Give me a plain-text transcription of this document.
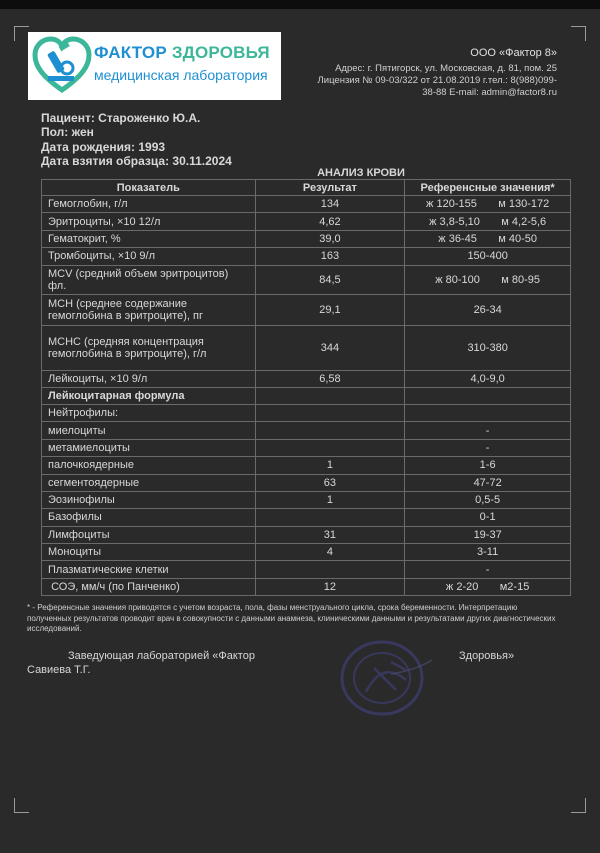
ФАКТОР ЗДОРОВЬЯ
медицинская лаборатория
ООО «Фактор 8»
Адрес: г. Пятигорск, ул. Московская, д. 81, пом. 25
Лицензия № 09-03/322 от 21.08.2019 г.тел.: 8(988)099-
38-88 E-mail: admin@factor8.ru
Пациент: Староженко Ю.А.
Пол: жен
Дата рождения: 1993
Дата взятия образца: 30.11.2024
АНАЛИЗ КРОВИ
Показатель	Результат	Референсные значения*
Гемоглобин, г/л	134	ж 120-155       м 130-172
Эритроциты, ×10 12/л	4,62	ж 3,8-5,10       м 4,2-5,6
Гематокрит, %	39,0	ж 36-45       м 40-50
Тромбоциты, ×10 9/л	163	150-400
MCV (средний объем эритроцитов) фл.	84,5	ж 80-100       м 80-95
MCH (среднее содержание гемоглобина в эритроците), пг	29,1	26-34
MCHC (средняя концентрация гемоглобина в эритроците), г/л	344	310-380
Лейкоциты, ×10 9/л	6,58	4,0-9,0
Лейкоцитарная формула		
Нейтрофилы:		
миелоциты		-
метамиелоциты		-
палочкоядерные	1	1-6
сегментоядерные	63	47-72
Эозинофилы	1	0,5-5
Базофилы		0-1
Лимфоциты	31	19-37
Моноциты	4	3-11
Плазматические клетки		-
СОЭ, мм/ч (по Панченко)	12	ж 2-20       м2-15
* - Референсные значения приводятся с учетом возраста, пола, фазы менструального цикла, срока беременности. Интерпретацию полученных результатов проводит врач в совокупности с данными анамнеза, клиническими данными и результатами других диагностических исследований.
Заведующая лабораторией «Фактор
Савиева Т.Г.
Здоровья»
